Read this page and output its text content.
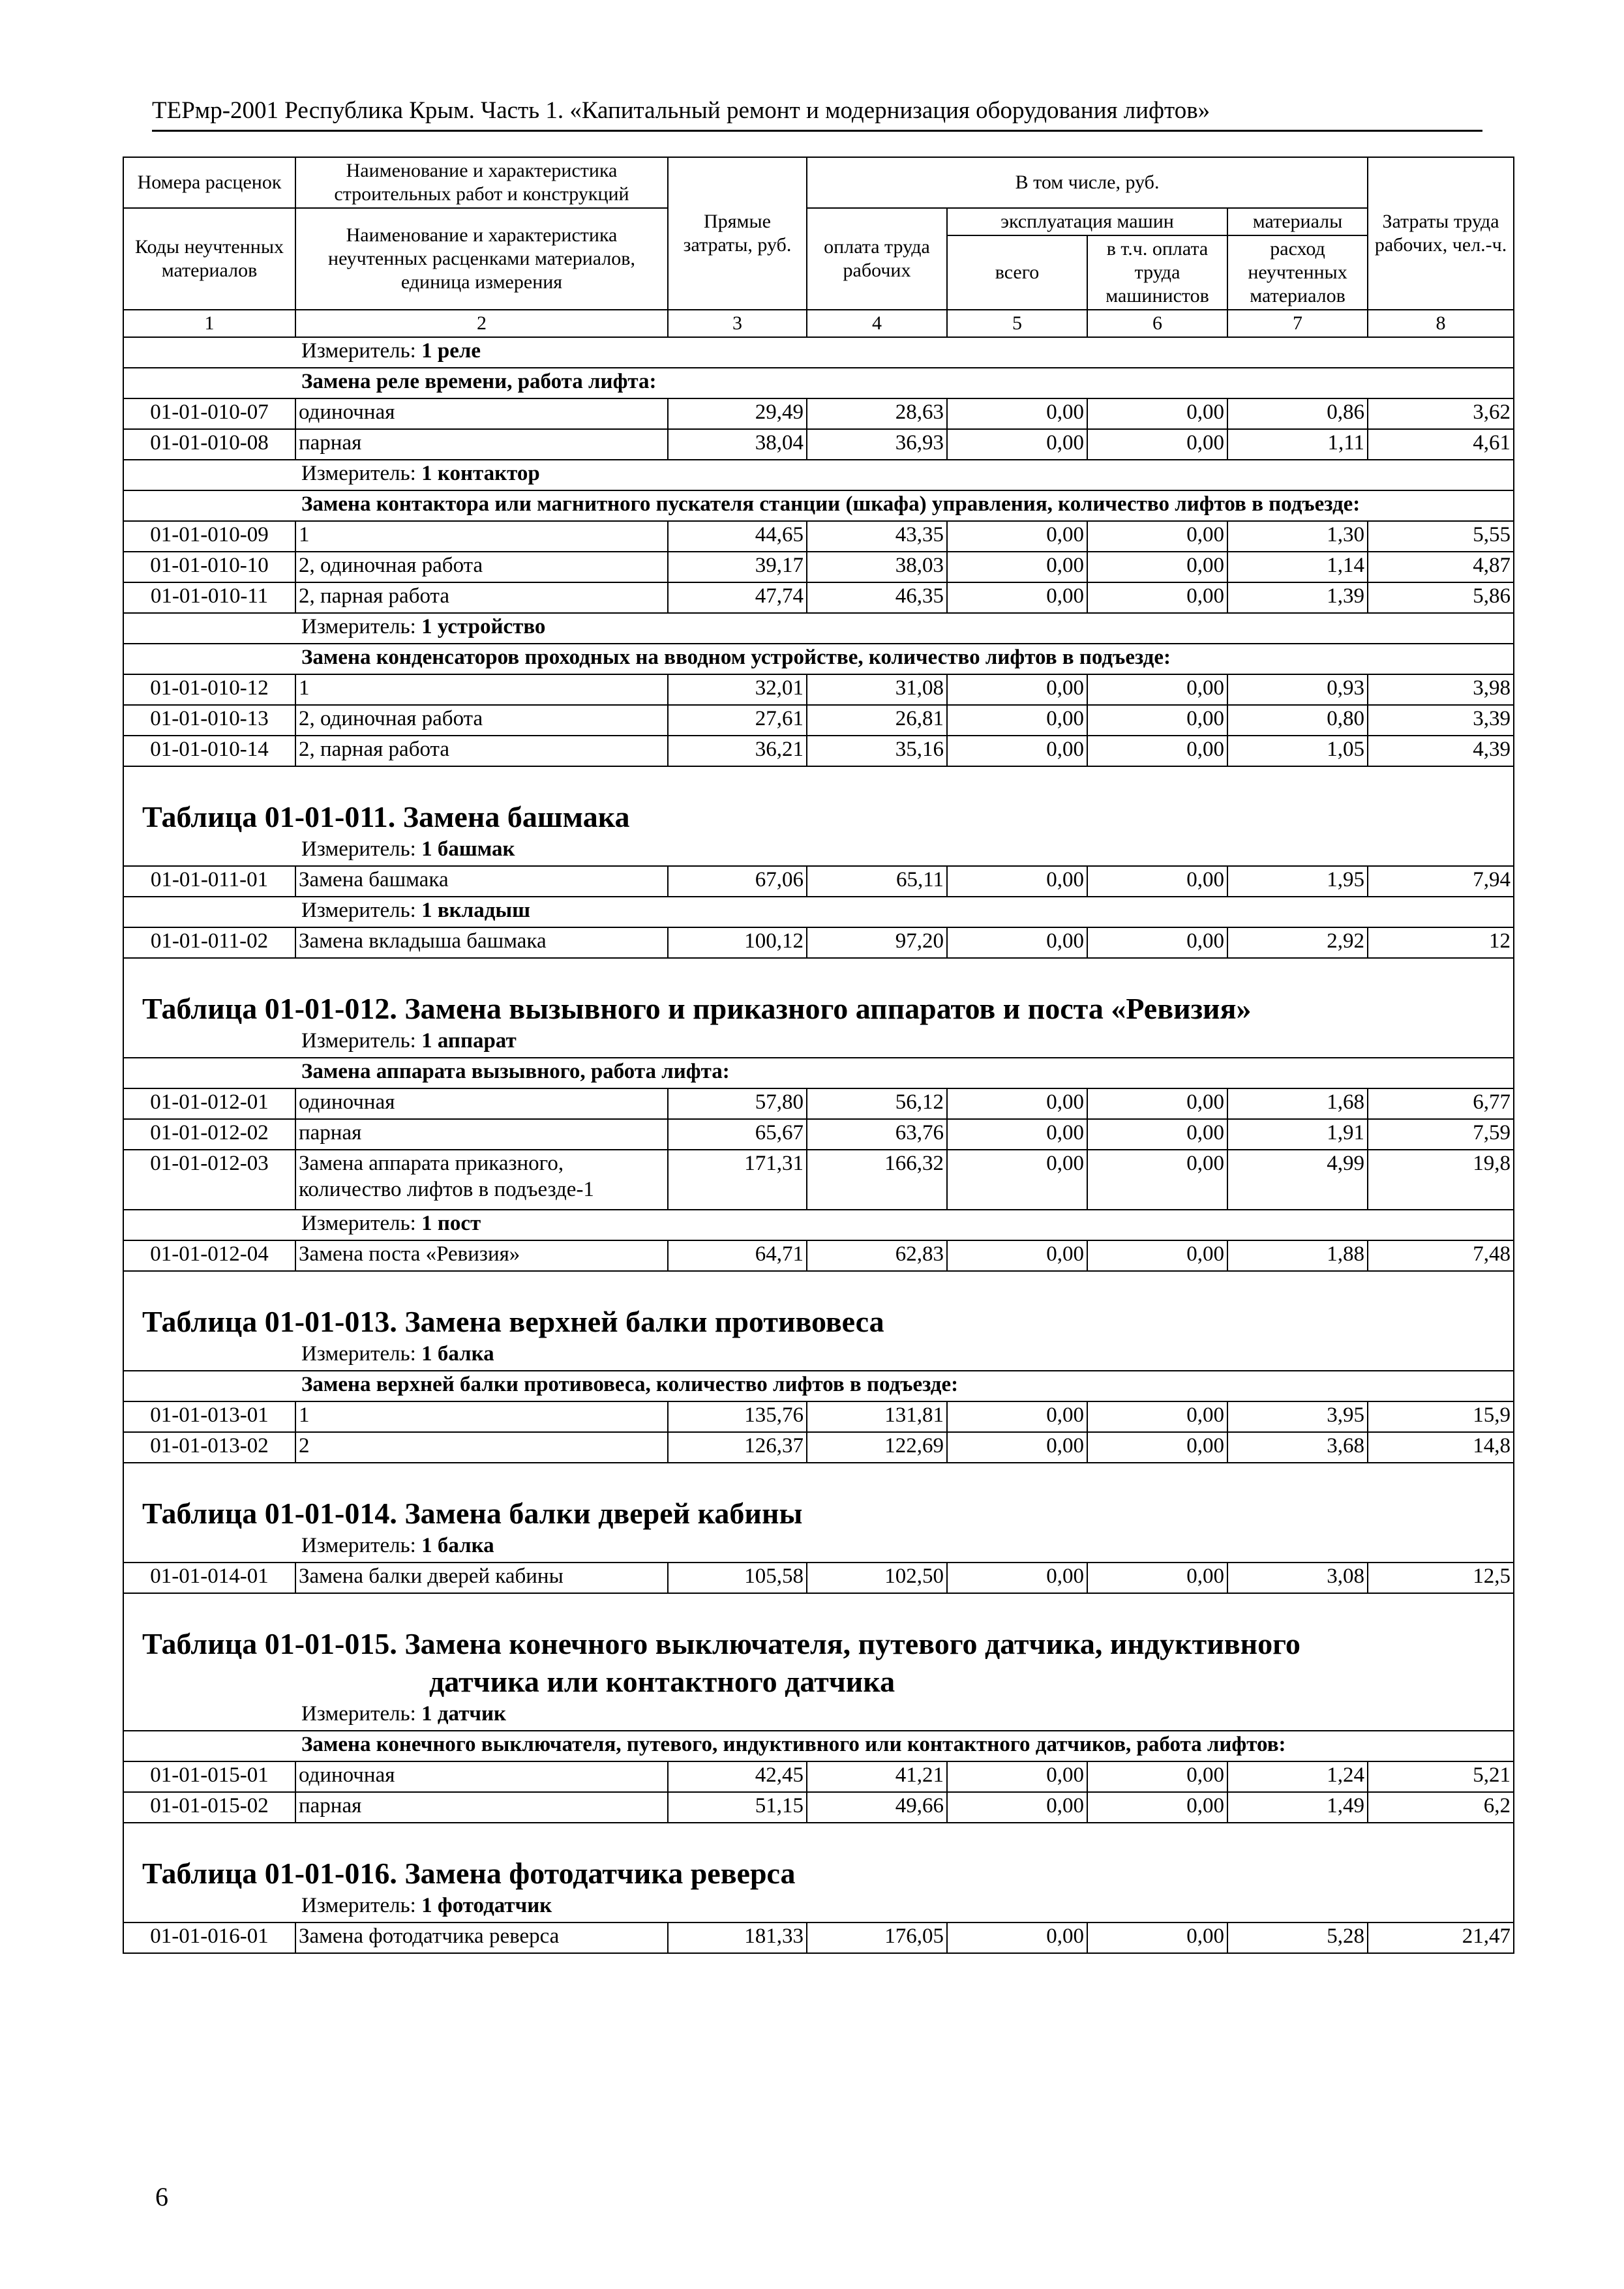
ТЕРмр-2001 Республика Крым. Часть 1. «Капитальный ремонт и модернизация оборудования лифтов»
Номера расценок	Наименование и характеристика строительных работ и конструкций	Прямые затраты, руб.	В том числе, руб.				Затраты труда рабочих, чел.-ч.
Коды неучтенных материалов	Наименование и характеристика неучтенных расценками материалов, единица измерения		оплата труда рабочих	эксплуатация машин		материалы	
				всего	в т.ч. оплата труда машинистов	расход неучтенных материалов	
1	2	3	4	5	6	7	8
Измеритель: 1 реле							
Замена реле времени, работа лифта:							
01-01-010-07	одиночная	29,49	28,63	0,00	0,00	0,86	3,62
01-01-010-08	парная	38,04	36,93	0,00	0,00	1,11	4,61
Измеритель: 1 контактор							
Замена контактора или магнитного пускателя станции (шкафа) управления, количество лифтов в подъезде:							
01-01-010-09	1	44,65	43,35	0,00	0,00	1,30	5,55
01-01-010-10	2, одиночная работа	39,17	38,03	0,00	0,00	1,14	4,87
01-01-010-11	2, парная работа	47,74	46,35	0,00	0,00	1,39	5,86
Измеритель: 1 устройство							
Замена конденсаторов проходных на вводном устройстве, количество лифтов в подъезде:							
01-01-010-12	1	32,01	31,08	0,00	0,00	0,93	3,98
01-01-010-13	2, одиночная работа	27,61	26,81	0,00	0,00	0,80	3,39
01-01-010-14	2, парная работа	36,21	35,16	0,00	0,00	1,05	4,39
Таблица 01-01-011. Замена башмака							
Измеритель: 1 башмак							
01-01-011-01	Замена башмака	67,06	65,11	0,00	0,00	1,95	7,94
Измеритель: 1 вкладыш							
01-01-011-02	Замена вкладыша башмака	100,12	97,20	0,00	0,00	2,92	12
Таблица 01-01-012. Замена вызывного и приказного аппаратов и поста «Ревизия»							
Измеритель: 1 аппарат							
Замена аппарата вызывного, работа лифта:							
01-01-012-01	одиночная	57,80	56,12	0,00	0,00	1,68	6,77
01-01-012-02	парная	65,67	63,76	0,00	0,00	1,91	7,59
01-01-012-03	Замена аппарата приказного, количество лифтов в подъезде-1	171,31	166,32	0,00	0,00	4,99	19,8
Измеритель: 1 пост							
01-01-012-04	Замена поста «Ревизия»	64,71	62,83	0,00	0,00	1,88	7,48
Таблица 01-01-013. Замена верхней балки противовеса							
Измеритель: 1 балка							
Замена верхней балки противовеса, количество лифтов в подъезде:							
01-01-013-01	1	135,76	131,81	0,00	0,00	3,95	15,9
01-01-013-02	2	126,37	122,69	0,00	0,00	3,68	14,8
Таблица 01-01-014. Замена балки дверей кабины							
Измеритель: 1 балка							
01-01-014-01	Замена балки дверей кабины	105,58	102,50	0,00	0,00	3,08	12,5

Таблица 01-01-015. Замена конечного выключателя, путевого датчика, индуктивного
датчика или контактного датчика							

Измеритель: 1 датчик							
Замена конечного выключателя, путевого, индуктивного или контактного датчиков, работа лифтов:							
01-01-015-01	одиночная	42,45	41,21	0,00	0,00	1,24	5,21
01-01-015-02	парная	51,15	49,66	0,00	0,00	1,49	6,2
Таблица 01-01-016. Замена фотодатчика реверса							
Измеритель: 1 фотодатчик							
01-01-016-01	Замена фотодатчика реверса	181,33	176,05	0,00	0,00	5,28	21,47
6
